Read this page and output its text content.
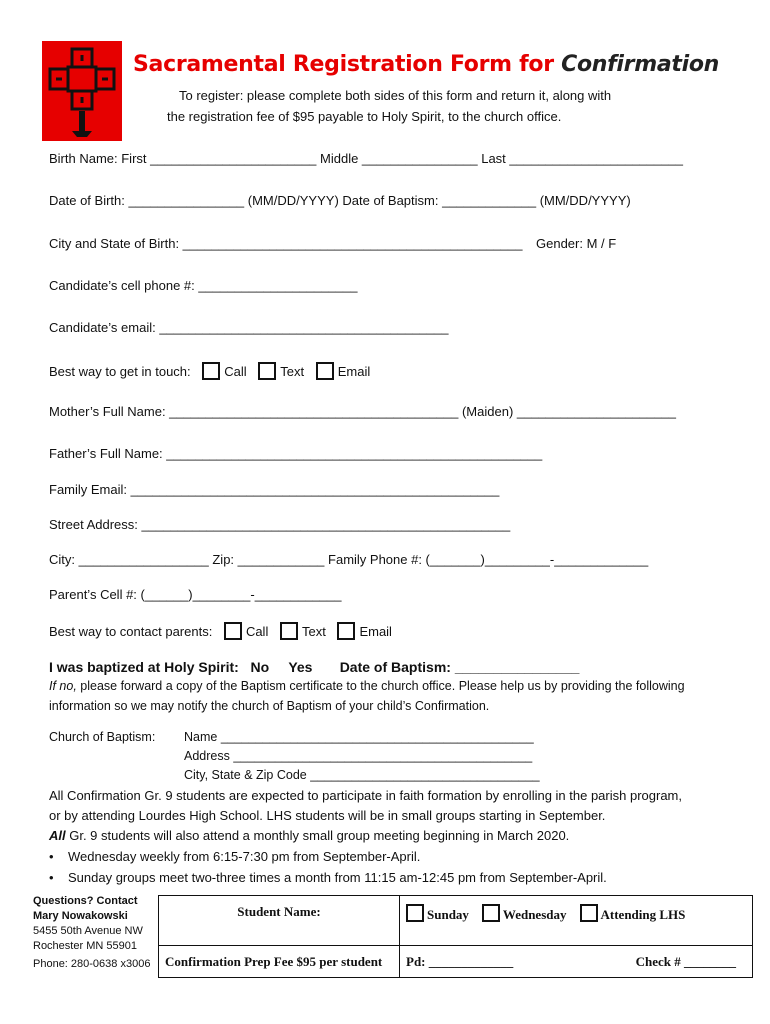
Sacramental Registration Form for Confirmation
To register: please complete both sides of this form and return it, along with
the registration fee of $95 payable to Holy Spirit, to the church office.
Birth Name: First _______________________ Middle ________________ Last ________________________
Date of Birth: ________________ (MM/DD/YYYY) Date of Baptism: _____________ (MM/DD/YYYY)
City and State of Birth: _______________________________________________ Gender: M / F
Candidate’s cell phone #: ______________________
Candidate’s email: ________________________________________
Best way to get in touch:	Call	Text	Email
Mother’s Full Name: ________________________________________ (Maiden) ______________________
Father’s Full Name: ____________________________________________________
Family Email: ___________________________________________________
Street Address: ___________________________________________________
City: __________________ Zip: ____________ Family Phone #: (_______)_________-_____________
Parent’s Cell #: (______)________-____________
Best way to contact parents:	Call	Text	Email
I was baptized at Holy Spirit:   No     Yes       Date of Baptism: ________________
If no, please forward a copy of the Baptism certificate to the church office. Please help us by providing the following
information so we may notify the church of Baptism of your child’s Confirmation.
Church of Baptism: Name _____________________________________________
Address ___________________________________________
City, State & Zip Code _________________________________
All Confirmation Gr. 9 students are expected to participate in faith formation by enrolling in the parish program,
or by attending Lourdes High School. LHS students will be in small groups starting in September.
All Gr. 9 students will also attend a monthly small group meeting beginning in March 2020.
•    Wednesday weekly from 6:15-7:30 pm from September-April.
•    Sunday groups meet two-three times a month from 11:15 am-12:45 pm from September-April.
Questions? Contact
Mary Nowakowski
5455 50th Avenue NW
Rochester MN 55901
Phone: 280-0638 x3006
Student Name:	Sunday Wednesday Attending LHS	
Confirmation Prep Fee $95 per student	Pd: _____________	Check # ________
